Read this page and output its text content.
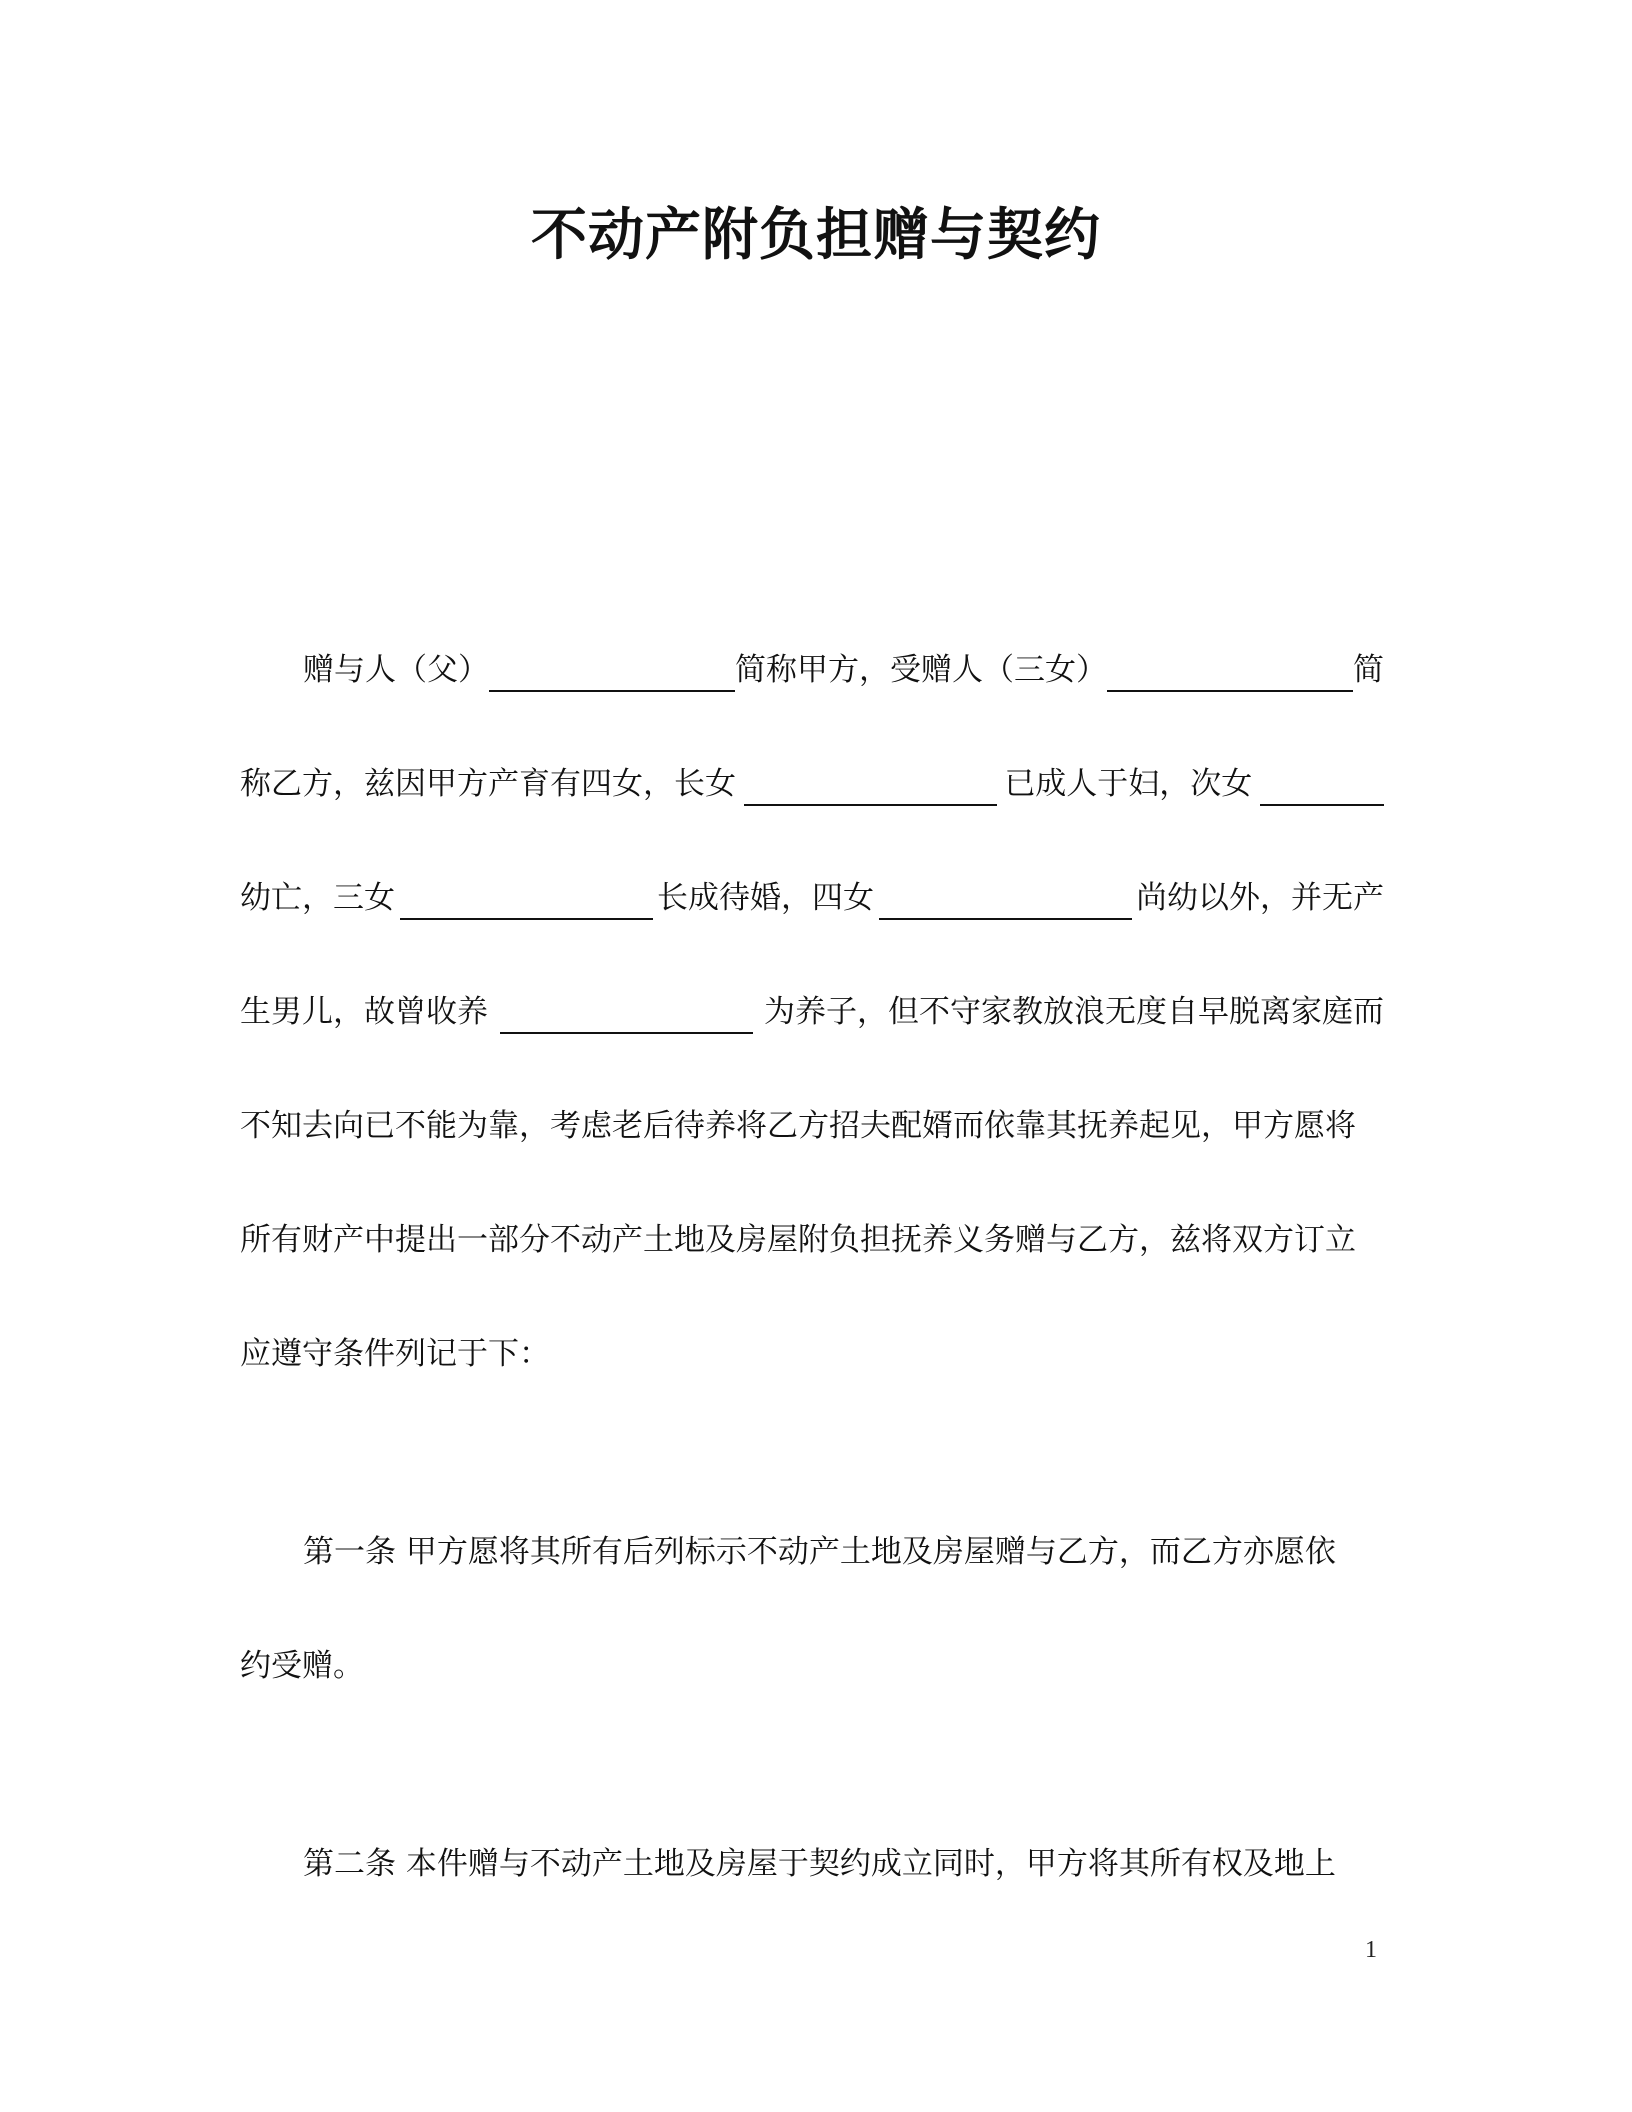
不动产附负担赠与契约
赠与人（父）	简称甲方，受赠人（三女）	简
称乙方，兹因甲方产育有四女，长女	已成人于妇，次女
幼亡，三女	长成待婚，四女	尚幼以外，并无产
生男儿，故曾收养	为养子，但不守家教放浪无度自早脱离家庭而
不知去向已不能为靠，考虑老后待养将乙方招夫配婿而依靠其抚养起见，甲方愿将
所有财产中提出一部分不动产土地及房屋附负担抚养义务赠与乙方，兹将双方订立
应遵守条件列记于下：
第一条 甲方愿将其所有后列标示不动产土地及房屋赠与乙方，而乙方亦愿依
约受赠。
第二条 本件赠与不动产土地及房屋于契约成立同时，甲方将其所有权及地上
1
